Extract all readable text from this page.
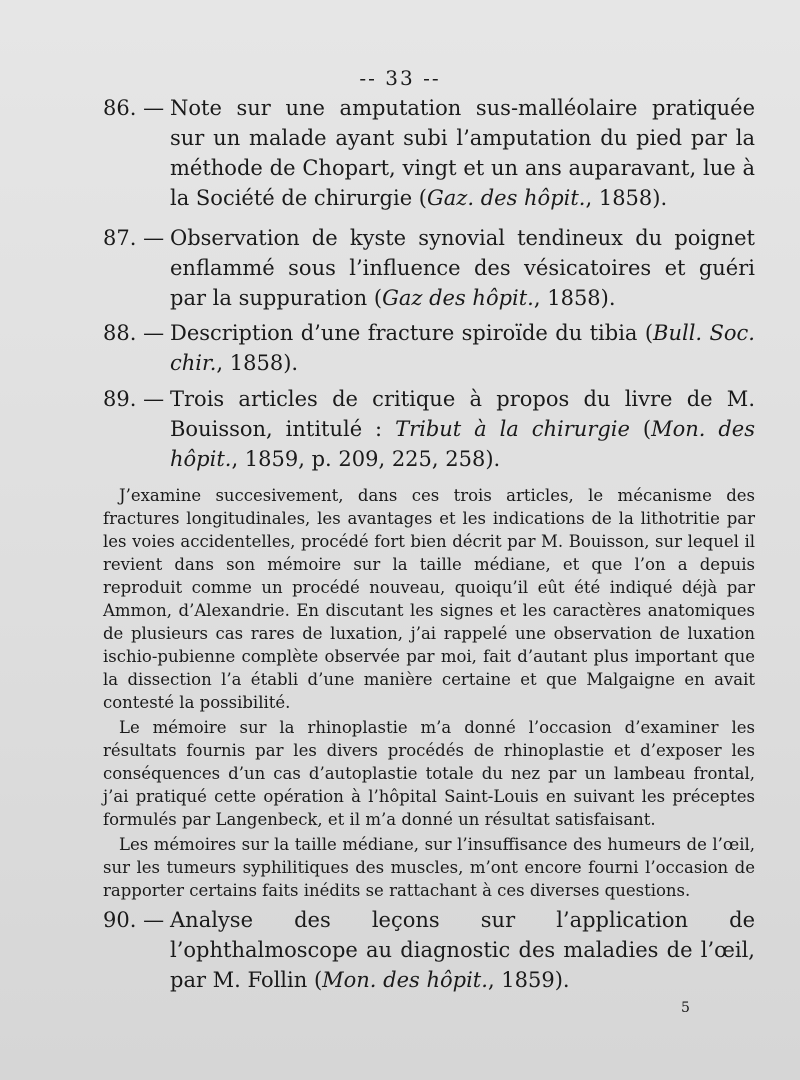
-- 33 --
86. — Note sur une amputation sus-malléolaire pratiquée sur un malade ayant subi l’amputation du pied par la méthode de Chopart, vingt et un ans auparavant, lue à la Société de chirurgie (Gaz. des hôpit., 1858).
87. — Observation de kyste synovial tendineux du poignet enflammé sous l’influence des vésicatoires et guéri par la suppuration (Gaz des hôpit., 1858).
88. — Description d’une fracture spiroïde du tibia (Bull. Soc. chir., 1858).
89. — Trois articles de critique à propos du livre de M. Bouisson, intitulé : Tribut à la chirurgie (Mon. des hôpit., 1859, p. 209, 225, 258).

J’examine succesivement, dans ces trois articles, le mécanisme des fractures longitudinales, les avantages et les indications de la lithotritie par les voies accidentelles, procédé fort bien décrit par M. Bouisson, sur lequel il revient dans son mémoire sur la taille médiane, et que l’on a depuis reproduit comme un procédé nouveau, quoiqu’il eût été indiqué déjà par Ammon, d’Alexandrie. En discutant les signes et les caractères anatomiques de plusieurs cas rares de luxation, j’ai rappelé une observation de luxation ischio-pubienne complète observée par moi, fait d’autant plus important que la dissection l’a établi d’une manière certaine et que Malgaigne en avait contesté la possibilité.

Le mémoire sur la rhinoplastie m’a donné l’occasion d’examiner les résultats fournis par les divers procédés de rhinoplastie et d’exposer les conséquences d’un cas d’autoplastie totale du nez par un lambeau frontal, j’ai pratiqué cette opération à l’hôpital Saint-Louis en suivant les préceptes formulés par Langenbeck, et il m’a donné un résultat satisfaisant.

Les mémoires sur la taille médiane, sur l’insuffisance des humeurs de l’œil, sur les tumeurs syphilitiques des muscles, m’ont encore fourni l’occasion de rapporter certains faits inédits se rattachant à ces diverses questions.

90. — Analyse des leçons sur l’application de l’ophthalmoscope au diagnostic des maladies de l’œil, par M. Follin (Mon. des hôpit., 1859).
5
